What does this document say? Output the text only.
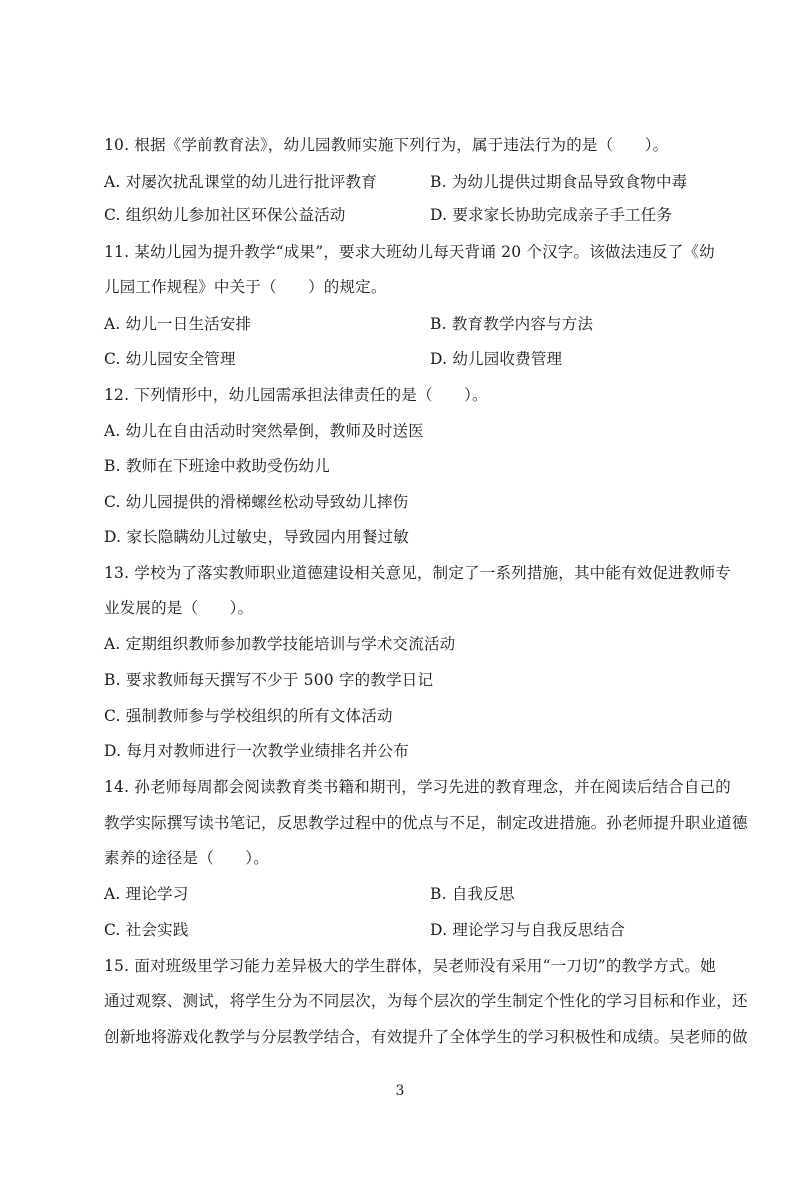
10. 根据《学前教育法》，幼儿园教师实施下列行为，属于违法行为的是（　　）。
A. 对屡次扰乱课堂的幼儿进行批评教育	B. 为幼儿提供过期食品导致食物中毒
C. 组织幼儿参加社区环保公益活动	D. 要求家长协助完成亲子手工任务
11. 某幼儿园为提升教学“成果”，要求大班幼儿每天背诵 20 个汉字。该做法违反了《幼
儿园工作规程》中关于（　　）的规定。
A. 幼儿一日生活安排	B. 教育教学内容与方法
C. 幼儿园安全管理	D. 幼儿园收费管理
12. 下列情形中，幼儿园需承担法律责任的是（　　）。
A. 幼儿在自由活动时突然晕倒，教师及时送医
B. 教师在下班途中救助受伤幼儿
C. 幼儿园提供的滑梯螺丝松动导致幼儿摔伤
D. 家长隐瞒幼儿过敏史，导致园内用餐过敏
13. 学校为了落实教师职业道德建设相关意见，制定了一系列措施，其中能有效促进教师专
业发展的是（　　）。
A. 定期组织教师参加教学技能培训与学术交流活动
B. 要求教师每天撰写不少于 500 字的教学日记
C. 强制教师参与学校组织的所有文体活动
D. 每月对教师进行一次教学业绩排名并公布
14. 孙老师每周都会阅读教育类书籍和期刊，学习先进的教育理念，并在阅读后结合自己的
教学实际撰写读书笔记，反思教学过程中的优点与不足，制定改进措施。孙老师提升职业道德
素养的途径是（　　）。
A. 理论学习	B. 自我反思
C. 社会实践	D. 理论学习与自我反思结合
15. 面对班级里学习能力差异极大的学生群体，吴老师没有采用“一刀切”的教学方式。她
通过观察、测试，将学生分为不同层次，为每个层次的学生制定个性化的学习目标和作业，还
创新地将游戏化教学与分层教学结合，有效提升了全体学生的学习积极性和成绩。吴老师的做
3
